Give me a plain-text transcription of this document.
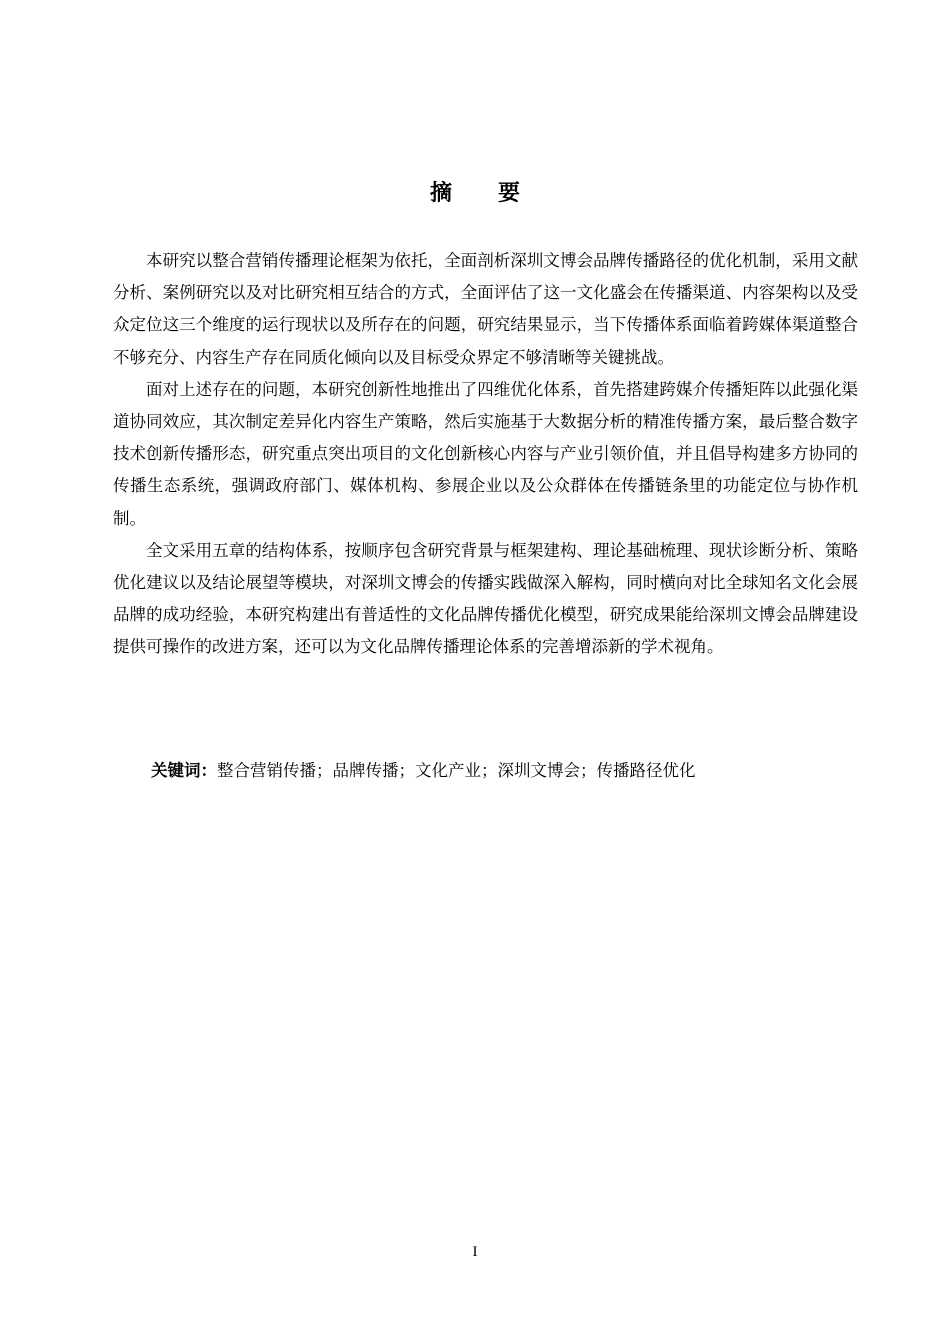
摘 要

本研究以整合营销传播理论框架为依托，全面剖析深圳文博会品牌传播路径的优化机制，采用文献分析、案例研究以及对比研究相互结合的方式，全面评估了这一文化盛会在传播渠道、内容架构以及受众定位这三个维度的运行现状以及所存在的问题，研究结果显示，当下传播体系面临着跨媒体渠道整合不够充分、内容生产存在同质化倾向以及目标受众界定不够清晰等关键挑战。

面对上述存在的问题，本研究创新性地推出了四维优化体系，首先搭建跨媒介传播矩阵以此强化渠道协同效应，其次制定差异化内容生产策略，然后实施基于大数据分析的精准传播方案，最后整合数字技术创新传播形态，研究重点突出项目的文化创新核心内容与产业引领价值，并且倡导构建多方协同的传播生态系统，强调政府部门、媒体机构、参展企业以及公众群体在传播链条里的功能定位与协作机制。

全文采用五章的结构体系，按顺序包含研究背景与框架建构、理论基础梳理、现状诊断分析、策略优化建议以及结论展望等模块，对深圳文博会的传播实践做深入解构，同时横向对比全球知名文化会展品牌的成功经验，本研究构建出有普适性的文化品牌传播优化模型，研究成果能给深圳文博会品牌建设提供可操作的改进方案，还可以为文化品牌传播理论体系的完善增添新的学术视角。

关键词：整合营销传播；品牌传播；文化产业；深圳文博会；传播路径优化
I
